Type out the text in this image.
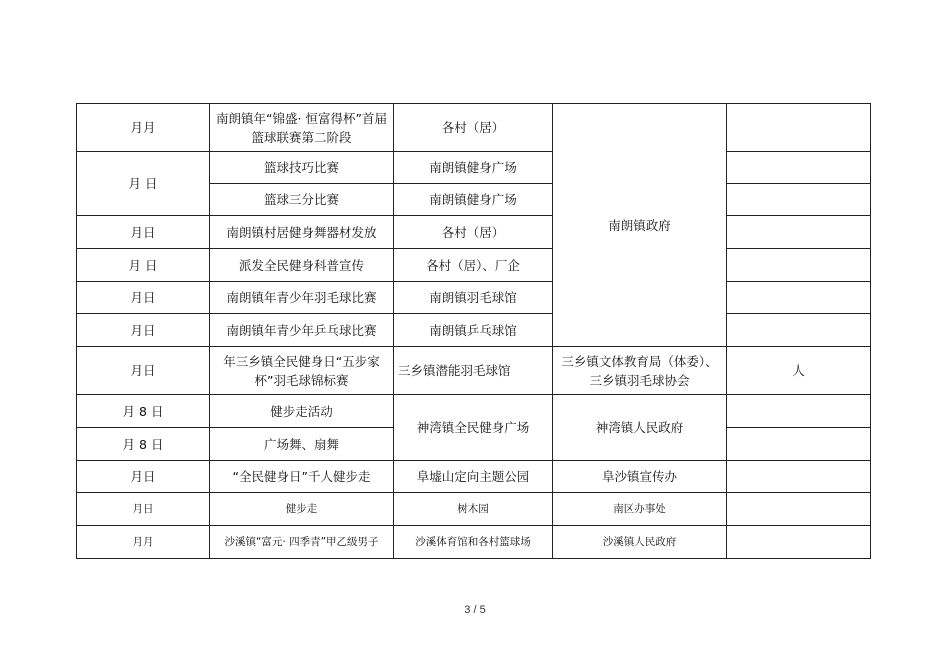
月月	南朗镇年“锦盛· 恒富得杯”首届篮球联赛第二阶段	各村（居）	南朗镇政府	
月 日	篮球技巧比赛	南朗镇健身广场		
	篮球三分比赛	南朗镇健身广场		
月日	南朗镇村居健身舞器材发放	各村（居）		
月 日	派发全民健身科普宣传	各村（居）、厂企		
月日	南朗镇年青少年羽毛球比赛	南朗镇羽毛球馆		
月日	南朗镇年青少年乒乓球比赛	南朗镇乒乓球馆		
月日	年三乡镇全民健身日“五步家杯”羽毛球锦标赛	三乡镇潜能羽毛球馆	三乡镇文体教育局（体委）、三乡镇羽毛球协会	人
月 8 日	健步走活动	神湾镇全民健身广场	神湾镇人民政府	
月 8 日	广场舞、扇舞			
月日	“全民健身日”千人健步走	阜墟山定向主题公园	阜沙镇宣传办	
月日	健步走	树木园	南区办事处	
月月	沙溪镇“富元· 四季青”甲乙级男子	沙溪体育馆和各村篮球场	沙溪镇人民政府	
3 / 5
